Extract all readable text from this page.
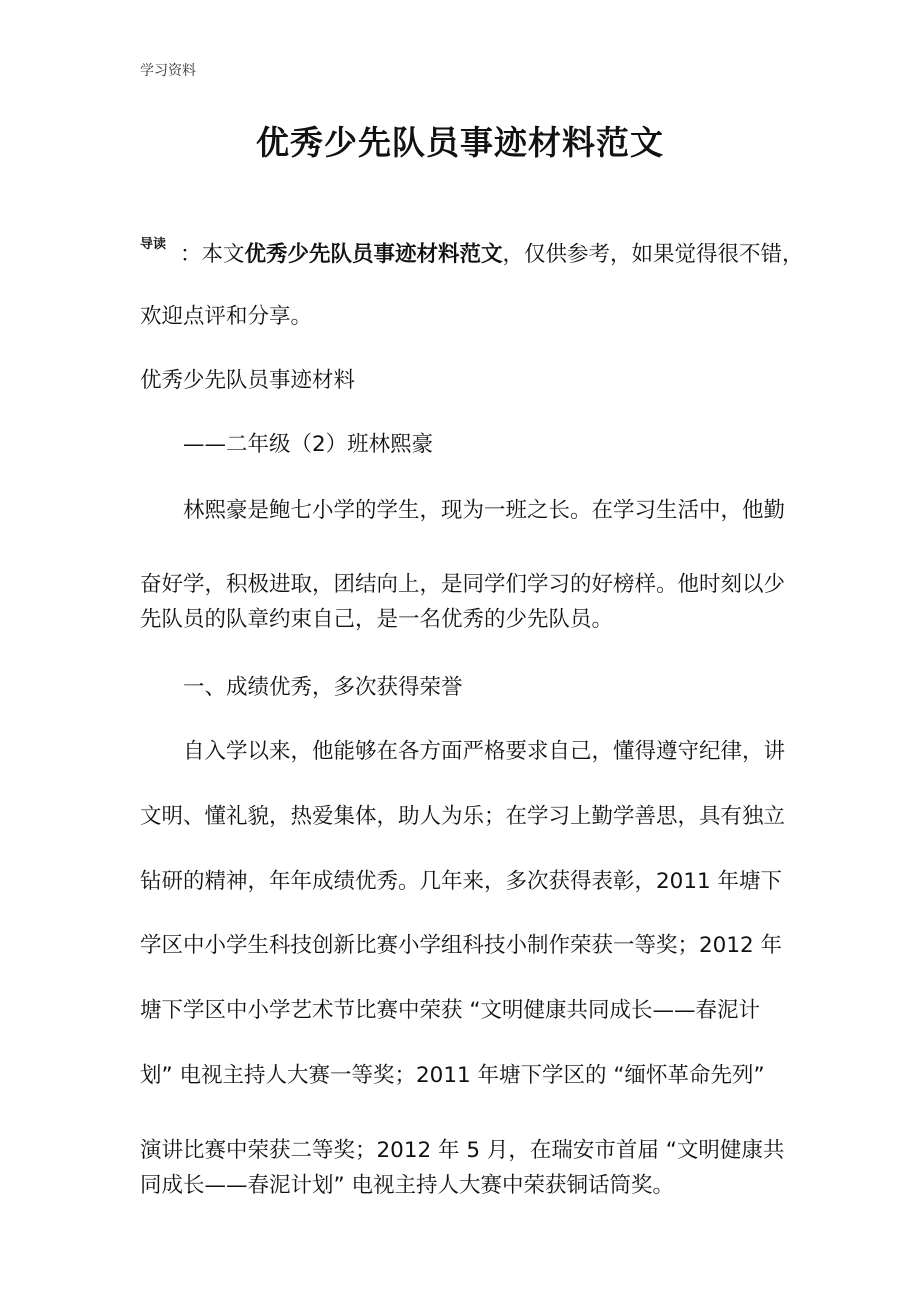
学习资料
优秀少先队员事迹材料范文
导读 ：本文优秀少先队员事迹材料范文，仅供参考，如果觉得很不错，
欢迎点评和分享。
优秀少先队员事迹材料
——二年级（2）班林熙豪
林熙豪是鲍七小学的学生，现为一班之长。在学习生活中，他勤
奋好学，积极进取，团结向上，是同学们学习的好榜样。他时刻以少
先队员的队章约束自己，是一名优秀的少先队员。
一、成绩优秀，多次获得荣誉
自入学以来，他能够在各方面严格要求自己，懂得遵守纪律，讲
文明、懂礼貌，热爱集体，助人为乐；在学习上勤学善思，具有独立
钻研的精神，年年成绩优秀。几年来，多次获得表彰，2011 年塘下
学区中小学生科技创新比赛小学组科技小制作荣获一等奖；2012 年
塘下学区中小学艺术节比赛中荣获 “文明健康共同成长——春泥计
划” 电视主持人大赛一等奖；2011 年塘下学区的 “缅怀革命先列”
演讲比赛中荣获二等奖；2012 年 5 月，在瑞安市首届 “文明健康共
同成长——春泥计划” 电视主持人大赛中荣获铜话筒奖。
